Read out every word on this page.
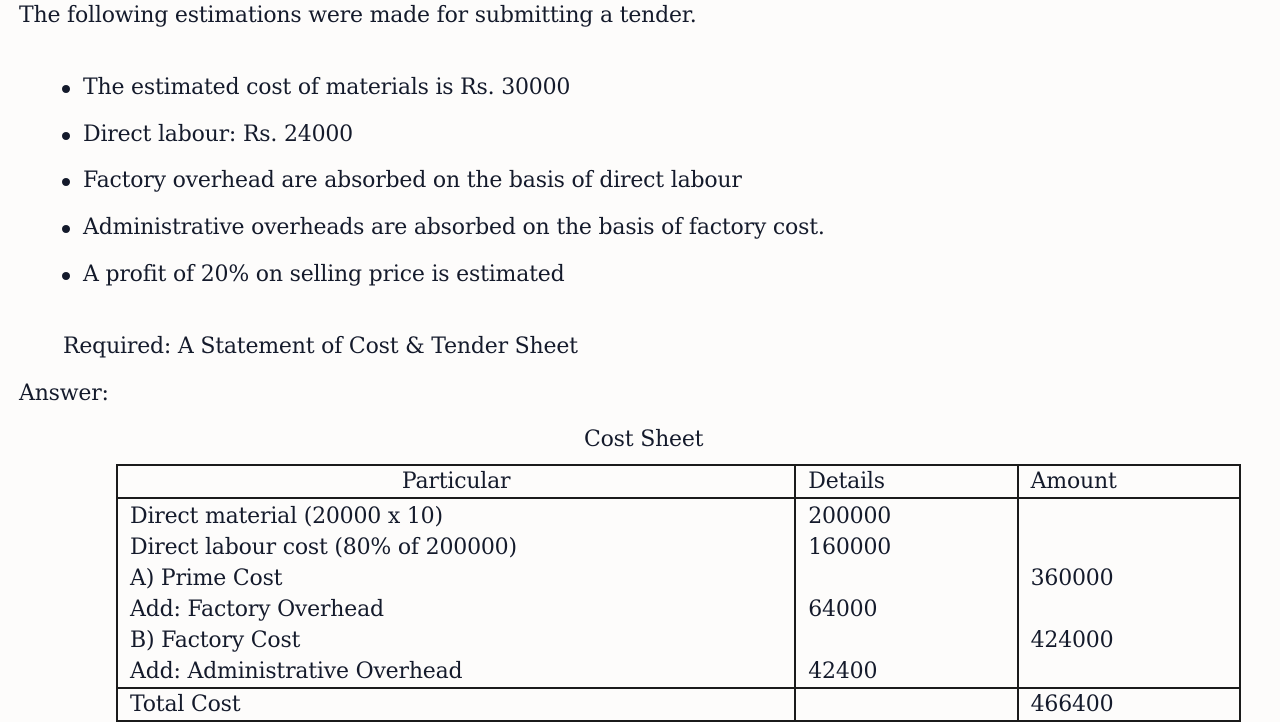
The following estimations were made for submitting a tender.

The estimated cost of materials is Rs. 30000
Direct labour: Rs. 24000
Factory overhead are absorbed on the basis of direct labour
Administrative overheads are absorbed on the basis of factory cost.
A profit of 20% on selling price is estimated

Required: A Statement of Cost & Tender Sheet

Answer:

Cost Sheet

Particular	Details	Amount
Direct material (20000 x 10)	200000	
Direct labour cost (80% of 200000)	160000	
A) Prime Cost		360000
Add: Factory Overhead	64000	
B) Factory Cost		424000
Add: Administrative Overhead	42400	
Total Cost		466400
